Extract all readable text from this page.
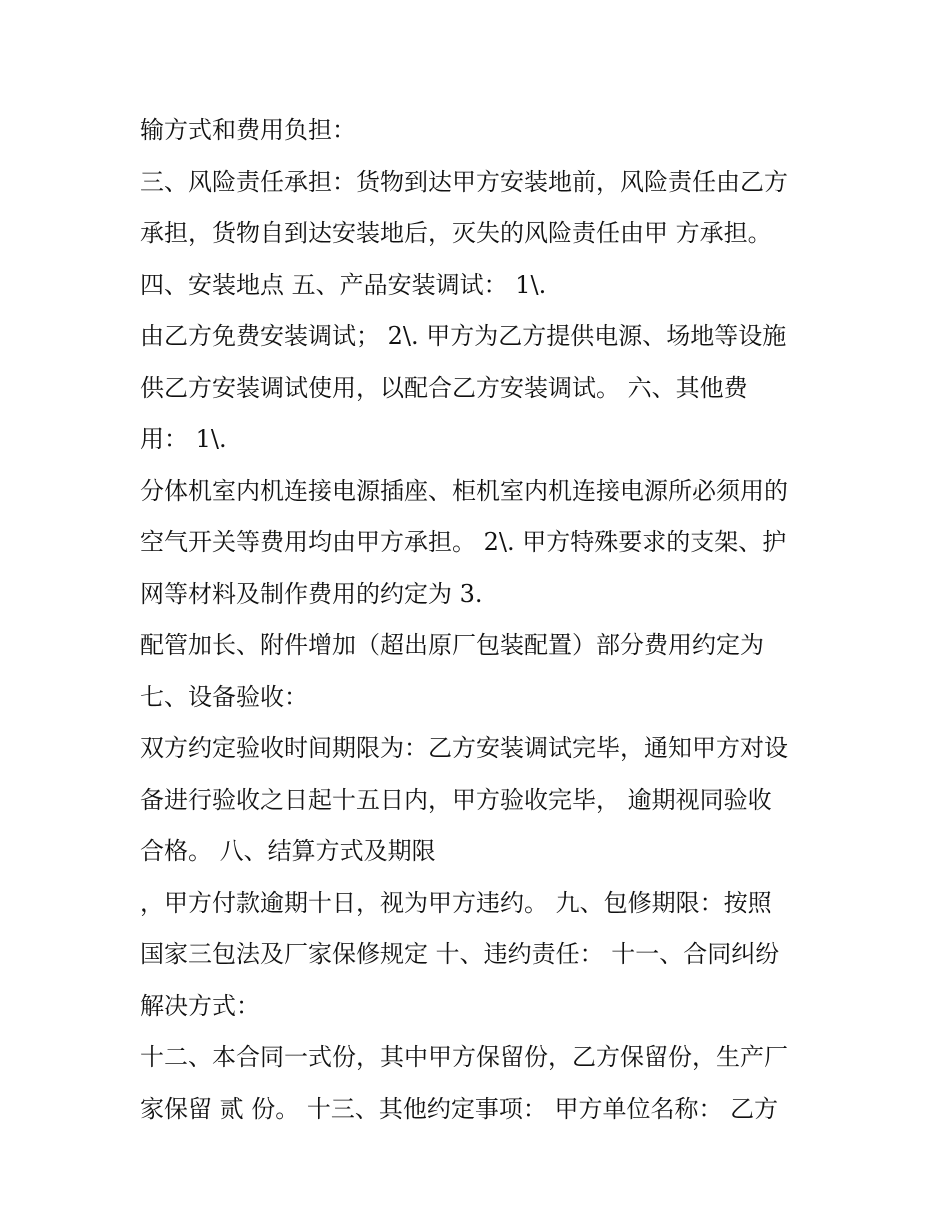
输方式和费用负担：
三、风险责任承担：货物到达甲方安装地前，风险责任由乙方
承担，货物自到达安装地后，灭失的风险责任由甲 方承担。
四、安装地点 五、产品安装调试： 1\.
由乙方免费安装调试； 2\. 甲方为乙方提供电源、场地等设施
供乙方安装调试使用，以配合乙方安装调试。 六、其他费
用： 1\.
分体机室内机连接电源插座、柜机室内机连接电源所必须用的
空气开关等费用均由甲方承担。 2\. 甲方特殊要求的支架、护
网等材料及制作费用的约定为 3.
配管加长、附件增加（超出原厂包装配置）部分费用约定为
七、设备验收：
双方约定验收时间期限为：乙方安装调试完毕，通知甲方对设
备进行验收之日起十五日内，甲方验收完毕， 逾期视同验收
合格。 八、结算方式及期限
，甲方付款逾期十日，视为甲方违约。 九、包修期限：按照
国家三包法及厂家保修规定 十、违约责任： 十一、合同纠纷
解决方式：
十二、本合同一式份，其中甲方保留份，乙方保留份，生产厂
家保留 贰 份。 十三、其他约定事项： 甲方单位名称： 乙方
